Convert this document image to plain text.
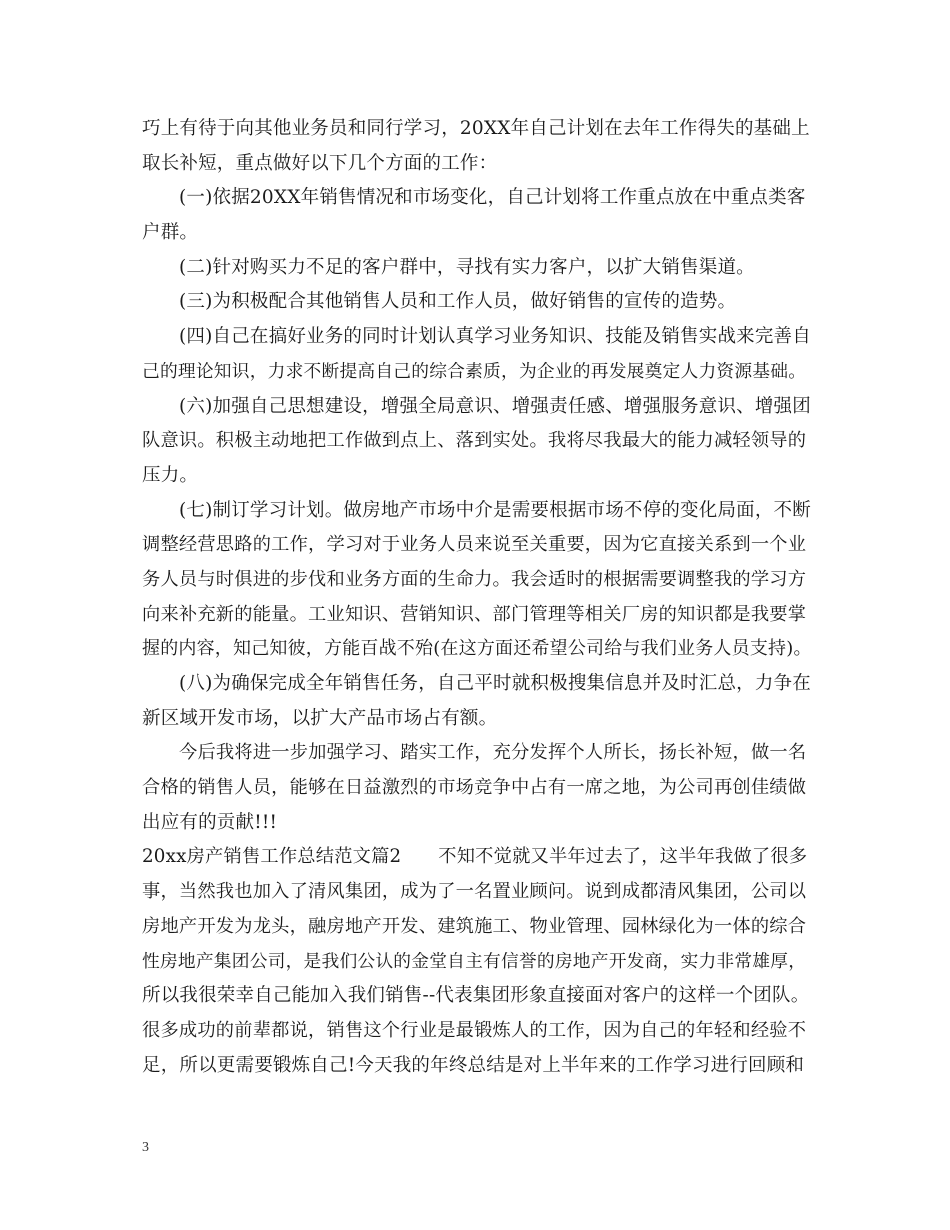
巧上有待于向其他业务员和同行学习，20XX年自己计划在去年工作得失的基础上
取长补短，重点做好以下几个方面的工作：
(一)依据20XX年销售情况和市场变化，自己计划将工作重点放在中重点类客
户群。
(二)针对购买力不足的客户群中，寻找有实力客户，以扩大销售渠道。
(三)为积极配合其他销售人员和工作人员，做好销售的宣传的造势。
(四)自己在搞好业务的同时计划认真学习业务知识、技能及销售实战来完善自
己的理论知识，力求不断提高自己的综合素质，为企业的再发展奠定人力资源基础。
(六)加强自己思想建设，增强全局意识、增强责任感、增强服务意识、增强团
队意识。积极主动地把工作做到点上、落到实处。我将尽我最大的能力减轻领导的
压力。
(七)制订学习计划。做房地产市场中介是需要根据市场不停的变化局面，不断
调整经营思路的工作，学习对于业务人员来说至关重要，因为它直接关系到一个业
务人员与时俱进的步伐和业务方面的生命力。我会适时的根据需要调整我的学习方
向来补充新的能量。工业知识、营销知识、部门管理等相关厂房的知识都是我要掌
握的内容，知己知彼，方能百战不殆(在这方面还希望公司给与我们业务人员支持)。
(八)为确保完成全年销售任务，自己平时就积极搜集信息并及时汇总，力争在
新区域开发市场，以扩大产品市场占有额。
今后我将进一步加强学习、踏实工作，充分发挥个人所长，扬长补短，做一名
合格的销售人员，能够在日益激烈的市场竞争中占有一席之地，为公司再创佳绩做
出应有的贡献!!!
20xx房产销售工作总结范文篇2　　不知不觉就又半年过去了，这半年我做了很多
事，当然我也加入了清风集团，成为了一名置业顾问。说到成都清风集团，公司以
房地产开发为龙头，融房地产开发、建筑施工、物业管理、园林绿化为一体的综合
性房地产集团公司，是我们公认的金堂自主有信誉的房地产开发商，实力非常雄厚，
所以我很荣幸自己能加入我们销售--代表集团形象直接面对客户的这样一个团队。
很多成功的前辈都说，销售这个行业是最锻炼人的工作，因为自己的年轻和经验不
足，所以更需要锻炼自己!今天我的年终总结是对上半年来的工作学习进行回顾和
3
